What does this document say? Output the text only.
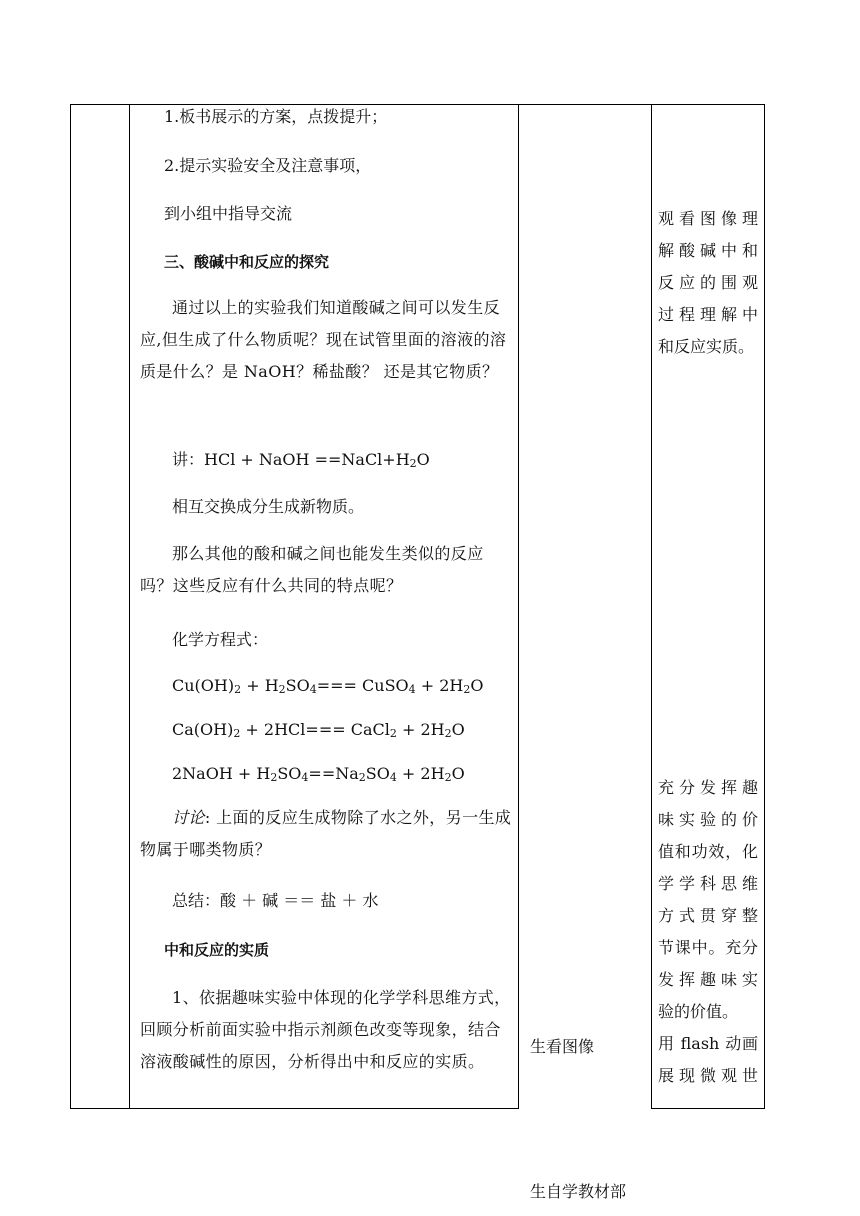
1.板书展示的方案，点拨提升；
2.提示实验安全及注意事项，
到小组中指导交流
三、酸碱中和反应的探究
通过以上的实验我们知道酸碱之间可以发生反应,但生成了什么物质呢？现在试管里面的溶液的溶质是什么？是 NaOH？稀盐酸？ 还是其它物质？
讲：HCl + NaOH $==NaCl+H_2O$
相互交换成分生成新物质。
那么其他的酸和碱之间也能发生类似的反应吗？这些反应有什么共同的特点呢？
化学方程式：
$Cu(OH)_2 + H_2SO_4===$ CuSO$_4$ + $2H_2O$
$Ca(OH)_2 + 2HCl===$ CaCl$_2$ + $2H_2O$
2NaOH + $H_2SO_4==Na_2SO_4 + 2H_2O$
讨论: 上面的反应生成物除了水之外，另一生成物属于哪类物质？
总结：酸 ＋ 碱 ＝＝ 盐 ＋ 水
中和反应的实质
1、依据趣味实验中体现的化学学科思维方式，回顾分析前面实验中指示剂颜色改变等现象，结合溶液酸碱性的原因，分析得出中和反应的实质。
生看图像
观看图像理
解酸碱中和
反应的围观
过程理解中
和反应实质。
充分发挥趣
味实验的价
值和功效，化
学学科思维
方式贯穿整
节课中。充分
发挥趣味实
验的价值。
用 flash 动画
展现微观世
生自学教材部
